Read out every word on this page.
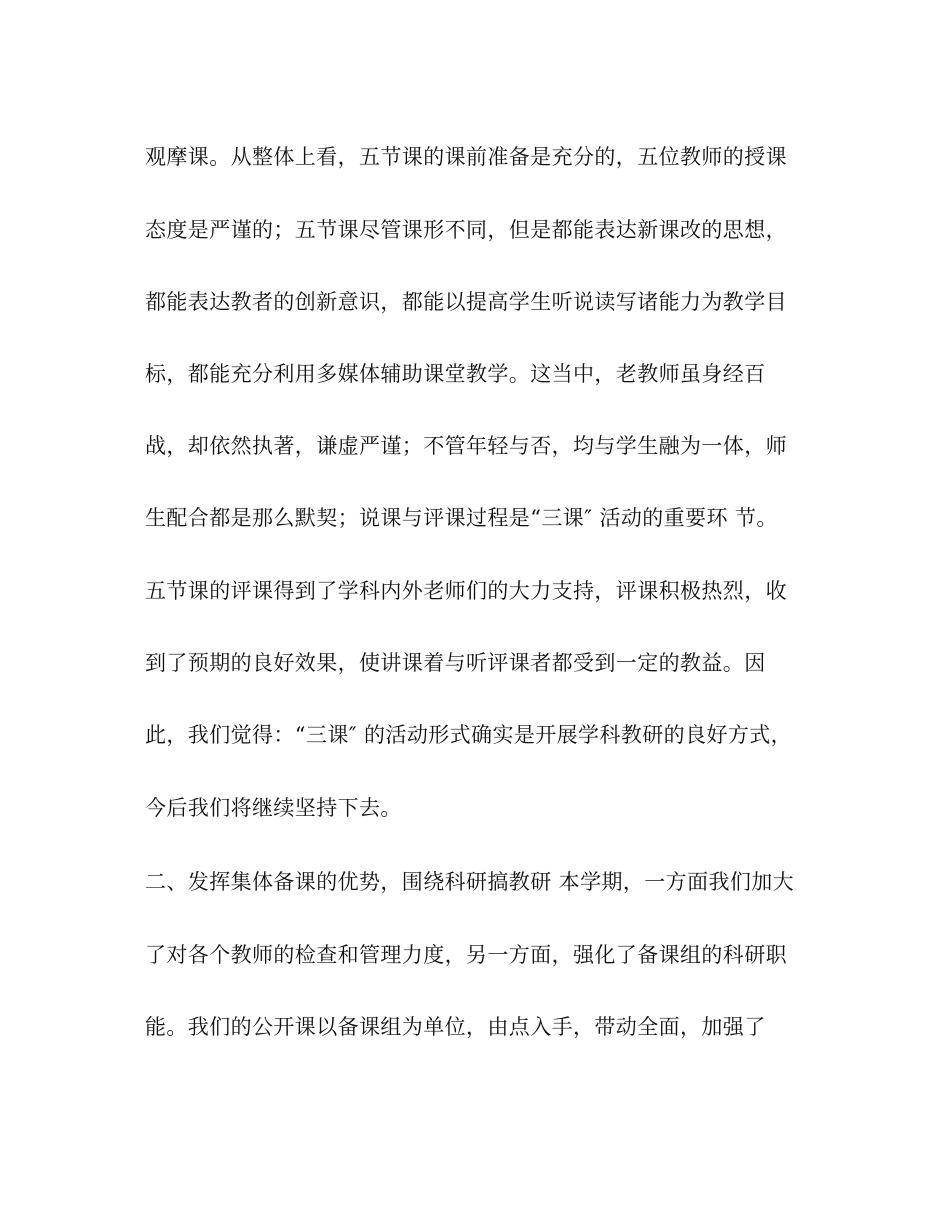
观摩课。从整体上看，五节课的课前准备是充分的，五位教师的授课

态度是严谨的；五节课尽管课形不同，但是都能表达新课改的思想，

都能表达教者的创新意识，都能以提高学生听说读写诸能力为教学目

标，都能充分利用多媒体辅助课堂教学。这当中，老教师虽身经百

战，却依然执著，谦虚严谨；不管年轻与否，均与学生融为一体，师

生配合都是那么默契；说课与评课过程是“三课″ 活动的重要环 节。

五节课的评课得到了学科内外老师们的大力支持，评课积极热烈，收

到了预期的良好效果，使讲课着与听评课者都受到一定的教益。因

此，我们觉得：“三课″ 的活动形式确实是开展学科教研的良好方式，

今后我们将继续坚持下去。

二、发挥集体备课的优势，围绕科研搞教研 本学期，一方面我们加大

了对各个教师的检查和管理力度，另一方面，强化了备课组的科研职

能。我们的公开课以备课组为单位，由点入手，带动全面，加强了
